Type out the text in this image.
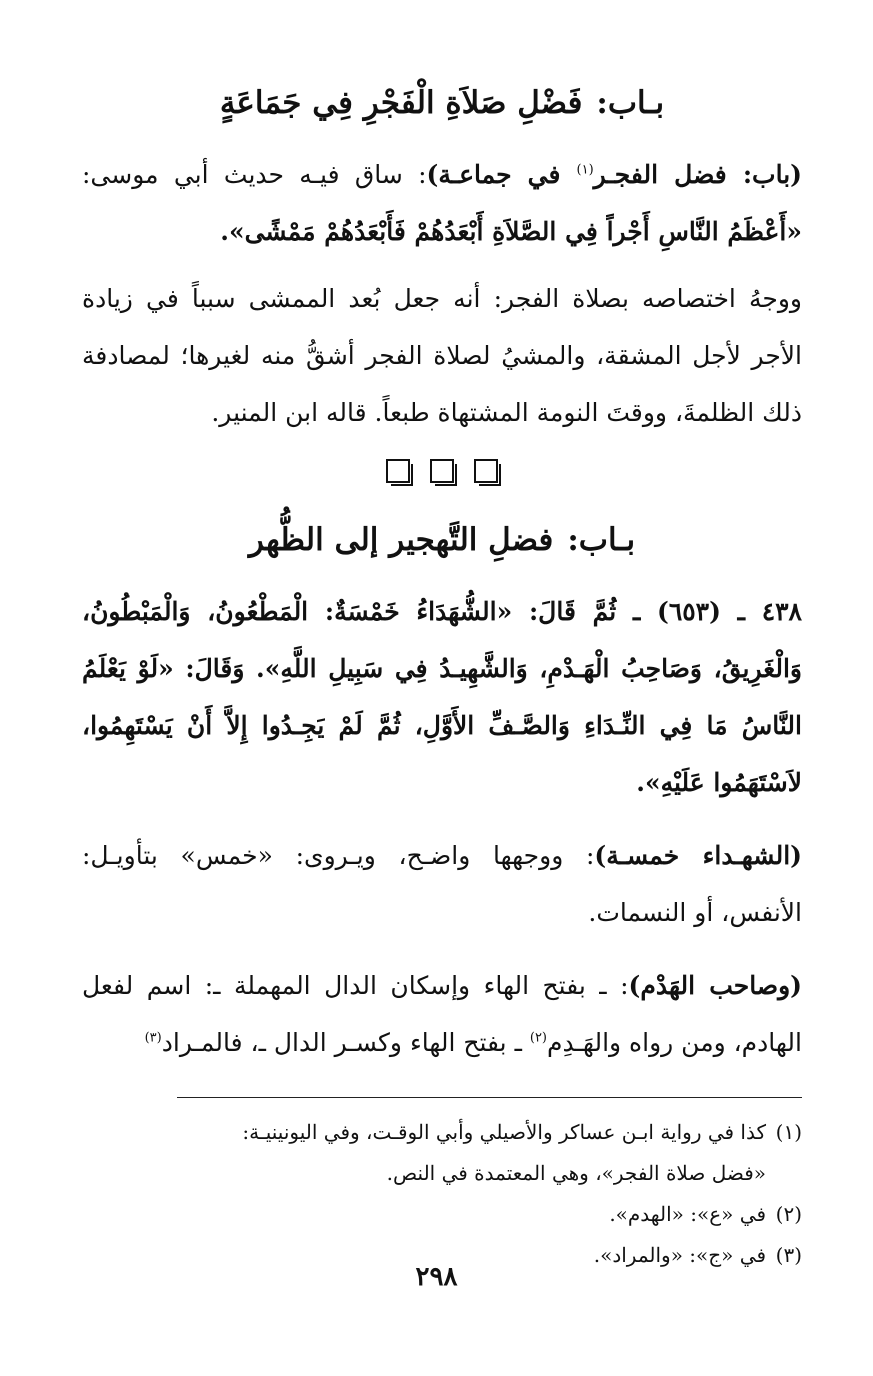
بـاب:فَضْلِ صَلاَةِ الْفَجْرِ فِي جَمَاعَةٍ

(باب: فضل الفجـر$^{(١)}$ في جماعـة): ساق فيـه حديث أبي موسى: «أَعْظَمُ النَّاسِ أَجْراً فِي الصَّلاَةِ أَبْعَدُهُمْ فَأَبْعَدُهُمْ مَمْشًى».

ووجهُ اختصاصه بصلاة الفجر: أنه جعل بُعد الممشى سبباً في زيادة الأجر لأجل المشقة، والمشيُ لصلاة الفجر أشقُّ منه لغيرها؛ لمصادفة ذلك الظلمةَ، ووقتَ النومة المشتهاة طبعاً. قاله ابن المنير.

بـاب:فضلِ التَّهجير إلى الظُّهر

٤٣٨ ـ (٦٥٣) ـ ثُمَّ قَالَ: «الشُّهَدَاءُ خَمْسَةٌ: الْمَطْعُونُ، وَالْمَبْطُونُ، وَالْغَرِيقُ، وَصَاحِبُ الْهَـدْمِ، وَالشَّهِيـدُ فِي سَبِيلِ اللَّهِ». وَقَالَ: «لَوْ يَعْلَمُ النَّاسُ مَا فِي النِّـدَاءِ وَالصَّـفِّ الأَوَّلِ، ثُمَّ لَمْ يَجِـدُوا إِلاَّ أَنْ يَسْتَهِمُوا، لاَسْتَهَمُوا عَلَيْهِ».

(الشهـداء خمسـة): ووجهها واضـح، ويـروى: «خمس» بتأويـل: الأنفس، أو النسمات.

(وصاحب الهَدْم): ـ بفتح الهاء وإسكان الدال المهملة ـ: اسم لفعل الهادم، ومن رواه والهَـدِم$^{(٢)}$ ـ بفتح الهاء وكسـر الدال ـ، فالمـراد$^{(٣)}$

(١)
كذا في رواية ابـن عساكر والأصيلي وأبي الوقـت، وفي اليونينيـة:

«فضل صلاة الفجر»، وهي المعتمدة في النص.

(٢)
في «ع»: «الهدم».

(٣)
في «ج»: «والمراد».

٢٩٨
